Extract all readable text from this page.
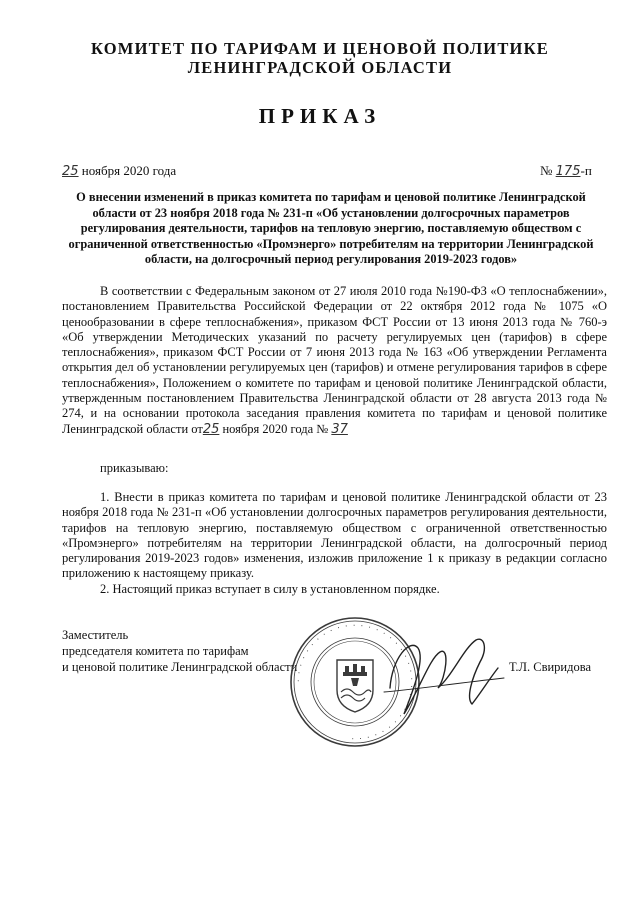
КОМИТЕТ ПО ТАРИФАМ И ЦЕНОВОЙ ПОЛИТИКЕ
ЛЕНИНГРАДСКОЙ ОБЛАСТИ
ПРИКАЗ
25 ноября 2020 года	№ 175-п
О внесении изменений в приказ комитета по тарифам и ценовой политике Ленинградской области от 23 ноября 2018 года № 231-п «Об установлении долгосрочных параметров регулирования деятельности, тарифов на тепловую энергию, поставляемую обществом с ограниченной ответственностью «Промэнерго» потребителям на территории Ленинградской области, на долгосрочный период регулирования 2019-2023 годов»
В соответствии с Федеральным законом от 27 июля 2010 года №190-ФЗ «О теплоснабжении», постановлением Правительства Российской Федерации от 22 октября 2012 года № 1075 «О ценообразовании в сфере теплоснабжения», приказом ФСТ России от 13 июня 2013 года № 760-э «Об утверждении Методических указаний по расчету регулируемых цен (тарифов) в сфере теплоснабжения», приказом ФСТ России от 7 июня 2013 года № 163 «Об утверждении Регламента открытия дел об установлении регулируемых цен (тарифов) и отмене регулирования тарифов в сфере теплоснабжения», Положением о комитете по тарифам и ценовой политике Ленинградской области, утвержденным постановлением Правительства Ленинградской области от 28 августа 2013 года № 274, и на основании протокола заседания правления комитета по тарифам и ценовой политике Ленинградской области от25 ноября 2020 года № 37
приказываю:
1. Внести в приказ комитета по тарифам и ценовой политике Ленинградской области от 23 ноября 2018 года № 231-п «Об установлении долгосрочных параметров регулирования деятельности, тарифов на тепловую энергию, поставляемую обществом с ограниченной ответственностью «Промэнерго» потребителям на территории Ленинградской области, на долгосрочный период регулирования 2019-2023 годов» изменения, изложив приложение 1 к приказу в редакции согласно приложению к настоящему приказу.
2. Настоящий приказ вступает в силу в установленном порядке.
Заместитель
председателя комитета по тарифам
и ценовой политике Ленинградской области
· · · · · · · · · · · · · · · · · · · · · · · · · · · · · · · · · · ·
Т.Л. Свиридова
